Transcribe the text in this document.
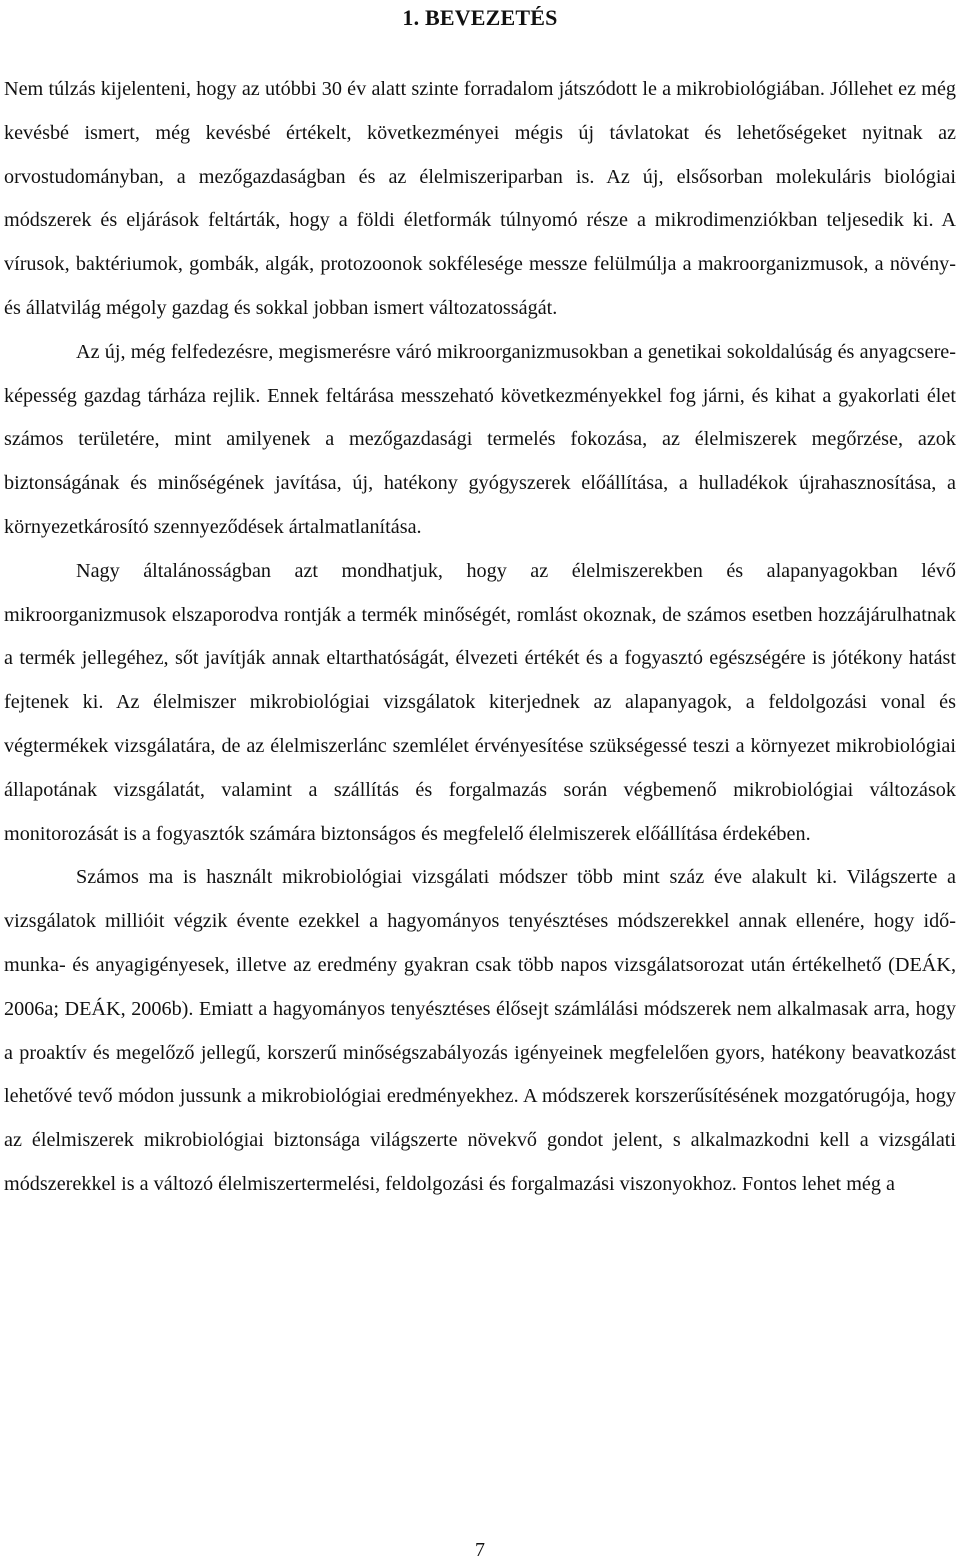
1. BEVEZETÉS

Nem túlzás kijelenteni, hogy az utóbbi 30 év alatt szinte forradalom játszódott le a mikrobiológiában. Jóllehet ez még kevésbé ismert, még kevésbé értékelt, következményei mégis új távlatokat és lehetőségeket nyitnak az orvostudományban, a mezőgazdaságban és az élelmiszeriparban is. Az új, elsősorban molekuláris biológiai módszerek és eljárások feltárták, hogy a földi életformák túlnyomó része a mikrodimenziókban teljesedik ki. A vírusok, baktériumok, gombák, algák, protozoonok sokfélesége messze felülmúlja a makroorganizmusok, a növény- és állatvilág mégoly gazdag és sokkal jobban ismert változatosságát.

Az új, még felfedezésre, megismerésre váró mikroorganizmusokban a genetikai sokoldalúság és anyagcsere-képesség gazdag tárháza rejlik. Ennek feltárása messzeható következményekkel fog járni, és kihat a gyakorlati élet számos területére, mint amilyenek a mezőgazdasági termelés fokozása, az élelmiszerek megőrzése, azok biztonságának és minőségének javítása, új, hatékony gyógyszerek előállítása, a hulladékok újrahasznosítása, a környezetkárosító szennyeződések ártalmatlanítása.

Nagy általánosságban azt mondhatjuk, hogy az élelmiszerekben és alapanyagokban lévő mikroorganizmusok elszaporodva rontják a termék minőségét, romlást okoznak, de számos esetben hozzájárulhatnak a termék jellegéhez, sőt javítják annak eltarthatóságát, élvezeti értékét és a fogyasztó egészségére is jótékony hatást fejtenek ki. Az élelmiszer mikrobiológiai vizsgálatok kiterjednek az alapanyagok, a feldolgozási vonal és végtermékek vizsgálatára, de az élelmiszerlánc szemlélet érvényesítése szükségessé teszi a környezet mikrobiológiai állapotának vizsgálatát, valamint a szállítás és forgalmazás során végbemenő mikrobiológiai változások monitorozását is a fogyasztók számára biztonságos és megfelelő élelmiszerek előállítása érdekében.

Számos ma is használt mikrobiológiai vizsgálati módszer több mint száz éve alakult ki. Világszerte a vizsgálatok millióit végzik évente ezekkel a hagyományos tenyésztéses módszerekkel annak ellenére, hogy idő- munka- és anyagigényesek, illetve az eredmény gyakran csak több napos vizsgálatsorozat után értékelhető (DEÁK, 2006a; DEÁK, 2006b). Emiatt a hagyományos tenyésztéses élősejt számlálási módszerek nem alkalmasak arra, hogy a proaktív és megelőző jellegű, korszerű minőségszabályozás igényeinek megfelelően gyors, hatékony beavatkozást lehetővé tevő módon jussunk a mikrobiológiai eredményekhez. A módszerek korszerűsítésének mozgatórugója, hogy az élelmiszerek mikrobiológiai biztonsága világszerte növekvő gondot jelent, s alkalmazkodni kell a vizsgálati módszerekkel is a változó élelmiszertermelési, feldolgozási és forgalmazási viszonyokhoz. Fontos lehet még a

7
